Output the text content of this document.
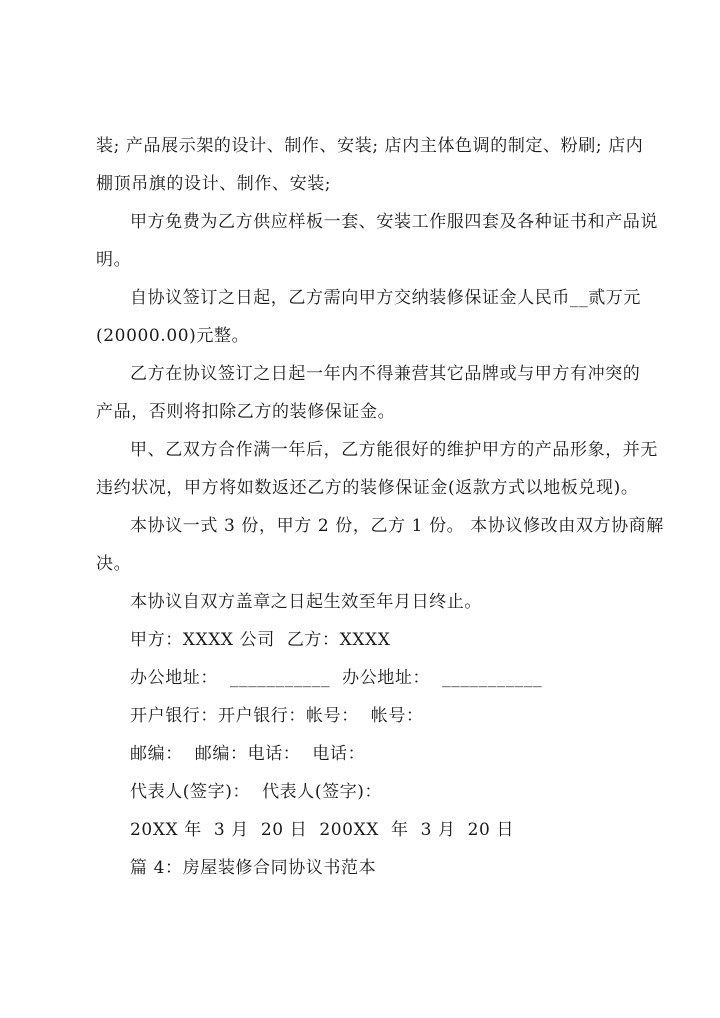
装; 产品展示架的设计、制作、安装; 店内主体色调的制定、粉刷; 店内
棚顶吊旗的设计、制作、安装;
甲方免费为乙方供应样板一套、安装工作服四套及各种证书和产品说
明。
自协议签订之日起，乙方需向甲方交纳装修保证金人民币__贰万元
(20000.00)元整。
乙方在协议签订之日起一年内不得兼营其它品牌或与甲方有冲突的
产品，否则将扣除乙方的装修保证金。
甲、乙双方合作满一年后，乙方能很好的维护甲方的产品形象，并无
违约状况，甲方将如数返还乙方的装修保证金(返款方式以地板兑现)。
本协议一式 3 份，甲方 2 份，乙方 1 份。 本协议修改由双方协商解
决。
本协议自双方盖章之日起生效至年月日终止。
甲方：XXXX 公司  乙方：XXXX
办公地址：  ___________  办公地址：  ___________
开户银行：开户银行：帐号：  帐号：
邮编：  邮编：电话：  电话：
代表人(签字)：  代表人(签字)：
20XX 年  3 月  20 日  200XX  年  3 月  20 日
篇 4：房屋装修合同协议书范本
